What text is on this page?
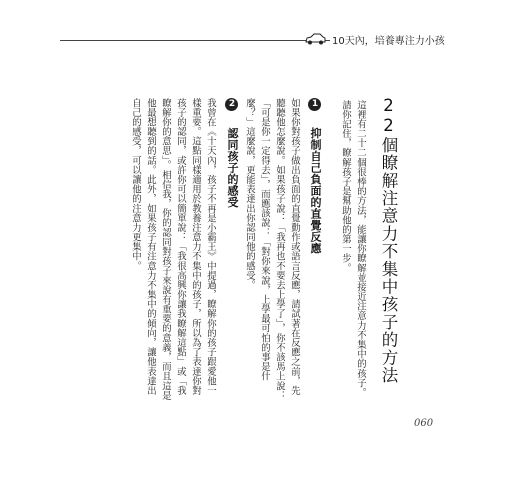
10天內，培養專注力小孩
22個瞭解注意力不集中孩子的方法
這裡有二十二個很棒的方法，能讓你瞭解並接近注意力不集中的孩子。請你記住，瞭解孩子是幫助他的第一步。
1 抑制自己負面的直覺反應
如果你對孩子做出負面的直覺動作或語言反應，請試著在反應之前，先聽聽他怎麼說。如果孩子說：「我再也不要去上學了」，你不該馬上說：「可是你一定得去」，而應該說：「對你來說，上學最可怕的事是什麼？」這麼說，更能表達出你認同他的感受。
2 認同孩子的感受
我曾在《十天內，孩子不再是小霸王》中提過，瞭解你的孩子跟愛他一樣重要。這點同樣適用於教養注意力不集中的孩子，所以為了表達你對孩子的認同，或許你可以簡單說：「我很高興你讓我瞭解這點」或「我瞭解你的意思」。相信我，你的認同對孩子來說有重要的意義，而且這是他最想聽到的話。此外，如果孩子有注意力不集中的傾向，讓他表達出自己的感受，可以讓他的注意力更集中。
060
